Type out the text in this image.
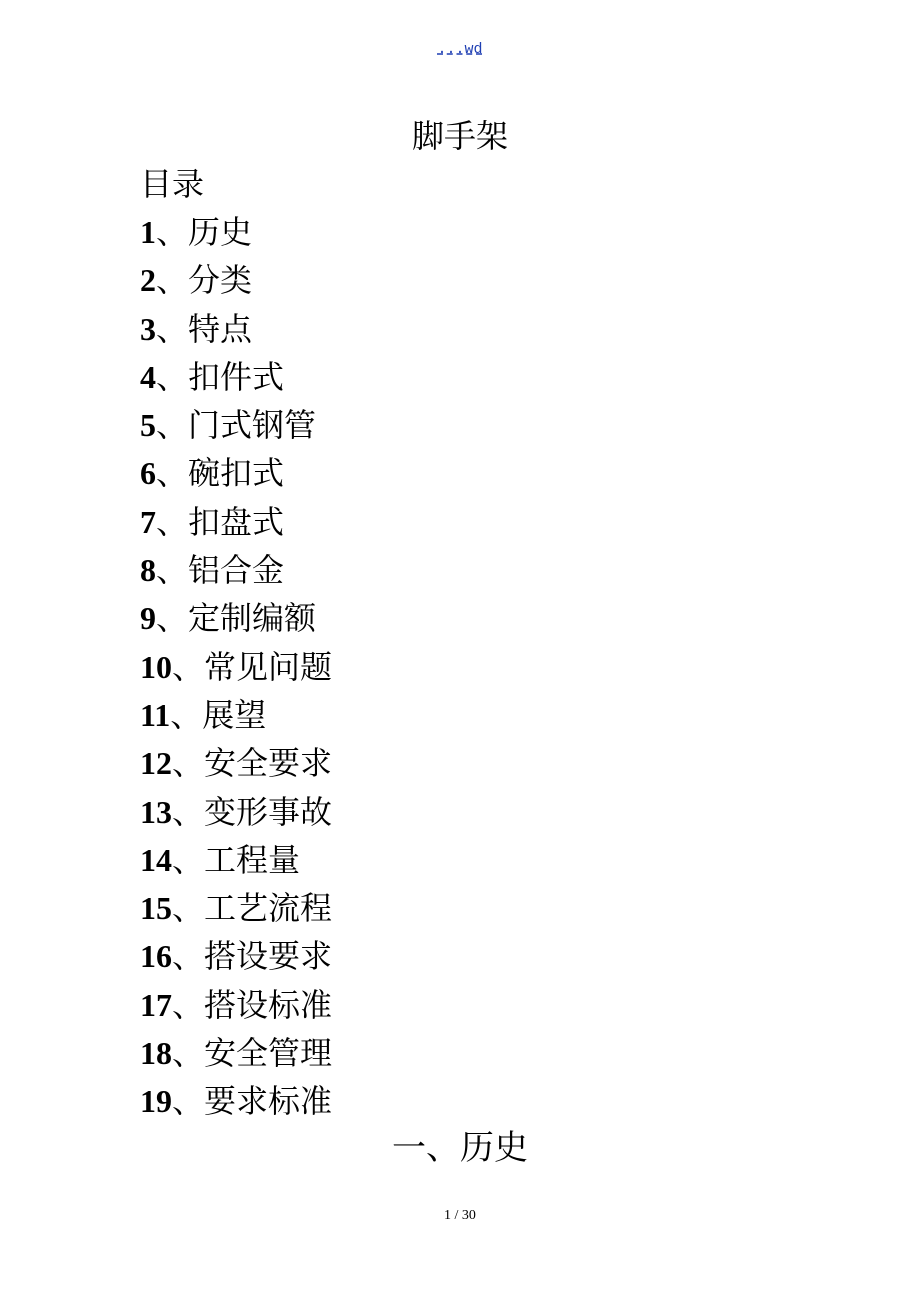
...wd
脚手架
目录
1、历史
2、分类
3、特点
4、扣件式
5、门式钢管
6、碗扣式
7、扣盘式
8、铝合金
9、定制编额
10、常见问题
11、展望
12、安全要求
13、变形事故
14、工程量
15、工艺流程
16、搭设要求
17、搭设标准
18、安全管理
19、要求标准
一、历史
1 / 30
